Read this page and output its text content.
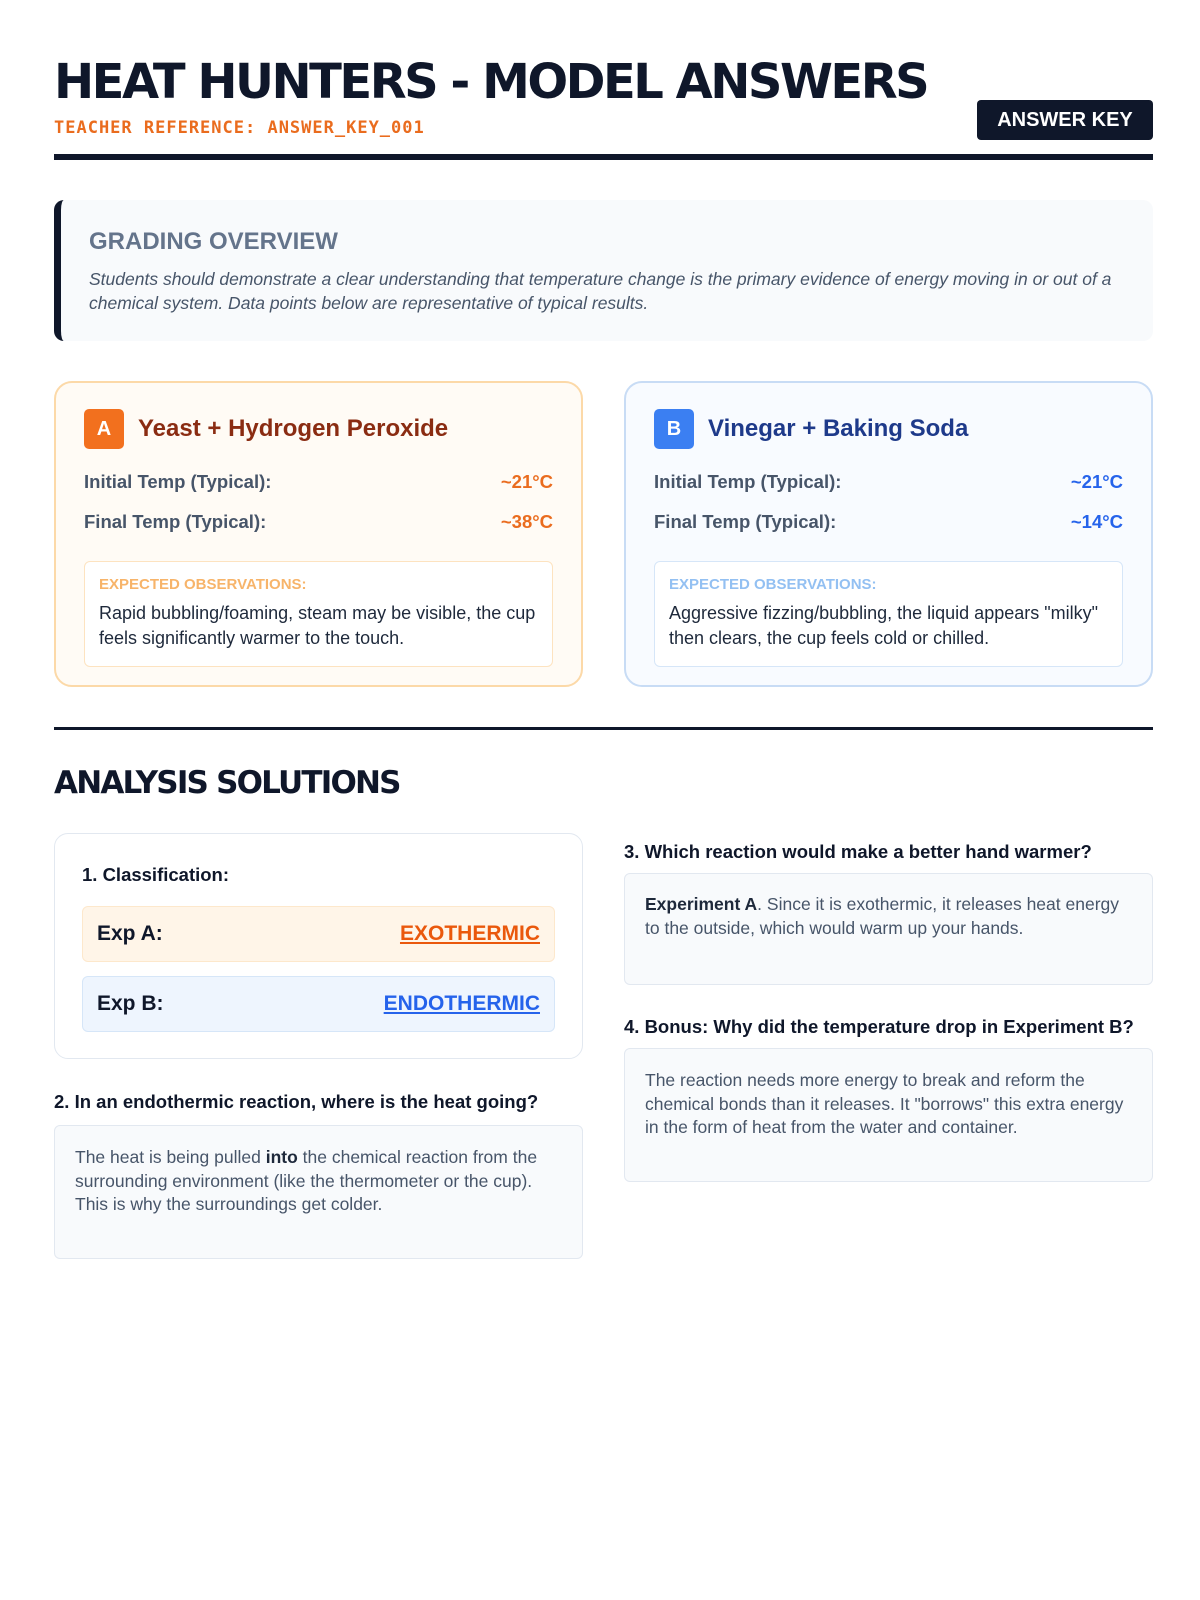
HEAT HUNTERS - MODEL ANSWERS
TEACHER REFERENCE: ANSWER_KEY_001	ANSWER KEY
GRADING OVERVIEW
Students should demonstrate a clear understanding that temperature change is the primary evidence of energy moving in or out of a chemical system. Data points below are representative of typical results.
A	Yeast + Hydrogen Peroxide
Initial Temp (Typical):	~21°C
Final Temp (Typical):	~38°C
EXPECTED OBSERVATIONS:
Rapid bubbling/foaming, steam may be visible, the cup feels significantly warmer to the touch.
B	Vinegar + Baking Soda
Initial Temp (Typical):	~21°C
Final Temp (Typical):	~14°C
EXPECTED OBSERVATIONS:
Aggressive fizzing/bubbling, the liquid appears "milky" then clears, the cup feels cold or chilled.
ANALYSIS SOLUTIONS
1. Classification:
Exp A:	EXOTHERMIC
Exp B:	ENDOTHERMIC
2. In an endothermic reaction, where is the heat going?
The heat is being pulled into the chemical reaction from the surrounding environment (like the thermometer or the cup). This is why the surroundings get colder.
3. Which reaction would make a better hand warmer?
Experiment A. Since it is exothermic, it releases heat energy to the outside, which would warm up your hands.
4. Bonus: Why did the temperature drop in Experiment B?
The reaction needs more energy to break and reform the chemical bonds than it releases. It "borrows" this extra energy in the form of heat from the water and container.
